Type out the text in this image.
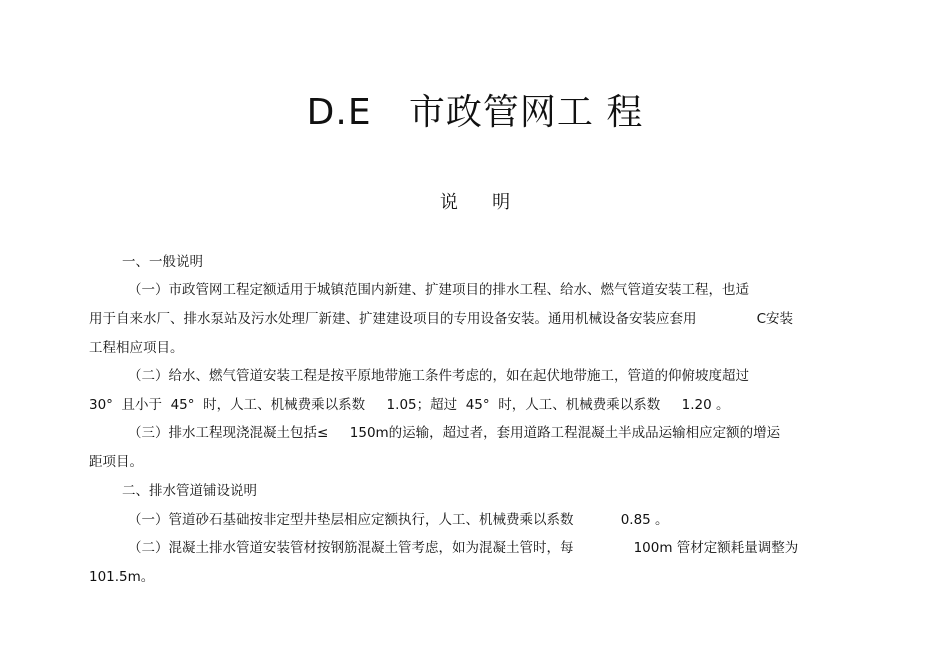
D.E   市政管网工 程
说      明
一、一般说明
（一）市政管网工程定额适用于城镇范围内新建、扩建项目的排水工程、给水、燃气管道安装工程，也适
用于自来水厂、排水泵站及污水处理厂新建、扩建建设项目的专用设备安装。通用机械设备安装应套用              C安装
工程相应项目。
（二）给水、燃气管道安装工程是按平原地带施工条件考虑的，如在起伏地带施工，管道的仰俯坡度超过
30°  且小于  45°  时，人工、机械费乘以系数     1.05；超过  45°  时，人工、机械费乘以系数     1.20 。
（三）排水工程现浇混凝土包括≤     150m的运输，超过者，套用道路工程混凝土半成品运输相应定额的增运
距项目。
二、排水管道铺设说明
（一）管道砂石基础按非定型井垫层相应定额执行，人工、机械费乘以系数           0.85 。
（二）混凝土排水管道安装管材按钢筋混凝土管考虑，如为混凝土管时，每              100m 管材定额耗量调整为
101.5m。
